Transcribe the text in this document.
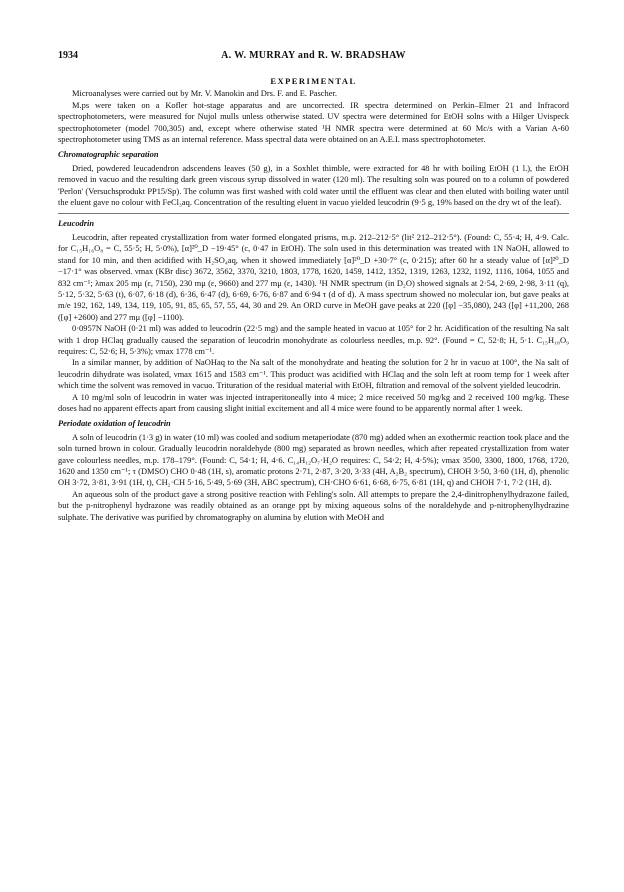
1934	A. W. MURRAY and R. W. BRADSHAW
EXPERIMENTAL

Microanalyses were carried out by Mr. V. Manokin and Drs. F. and E. Pascher.

M.ps were taken on a Kofler hot-stage apparatus and are uncorrected. IR spectra determined on Perkin–Elmer 21 and Infracord spectrophotometers, were measured for Nujol mulls unless otherwise stated. UV spectra were determined for EtOH solns with a Hilger Uvispeck spectrophotometer (model 700,305) and, except where otherwise stated ¹H NMR spectra were determined at 60 Mc/s with a Varian A-60 spectrophotometer using TMS as an internal reference. Mass spectral data were obtained on an A.E.I. mass spectrophotometer.

Chromatographic separation

Dried, powdered leucadendron adscendens leaves (50 g), in a Soxhlet thimble, were extracted for 48 hr with boiling EtOH (1 l.), the EtOH removed in vacuo and the resulting dark green viscous syrup dissolved in water (120 ml). The resulting soln was poured on to a column of powdered 'Perlon' (Versuchsprodukt PP15/Sp). The column was first washed with cold water until the effluent was clear and then eluted with boiling water until the eluent gave no colour with FeCl₃aq. Concentration of the resulting eluent in vacuo yielded leucodrin (9·5 g, 19% based on the dry wt of the leaf).

Leucodrin

Leucodrin, after repeated crystallization from water formed elongated prisms, m.p. 212–212·5° (lit² 212–212·5°). (Found: C, 55·4; H, 4·9. Calc. for C₁₅H₁₆O₈ = C, 55·5; H, 5·0%), [α]²⁰_D −19·45° (c, 0·47 in EtOH). The soln used in this determination was treated with 1N NaOH, allowed to stand for 10 min, and then acidified with H₂SO₄aq, when it showed immediately [α]²⁰_D +30·7° (c, 0·215); after 60 hr a steady value of [α]²⁰_D −17·1° was observed. νmax (KBr disc) 3672, 3562, 3370, 3210, 1803, 1778, 1620, 1459, 1412, 1352, 1319, 1263, 1232, 1192, 1116, 1064, 1055 and 832 cm⁻¹; λmax 205 mμ (ε, 7150), 230 mμ (ε, 9660) and 277 mμ (ε, 1430). ¹H NMR spectrum (in D₂O) showed signals at 2·54, 2·69, 2·98, 3·11 (q), 5·12, 5·32, 5·63 (t), 6·07, 6·18 (d), 6·36, 6·47 (d), 6·69, 6·76, 6·87 and 6·94 τ (d of d). A mass spectrum showed no molecular ion, but gave peaks at m/e 192, 162, 149, 134, 119, 105, 91, 85, 65, 57, 55, 44, 30 and 29. An ORD curve in MeOH gave peaks at 220 ([φ] −35,080), 243 ([φ] +11,200, 268 ([φ] +2600) and 277 mμ ([φ] −1100).

0·0957N NaOH (0·21 ml) was added to leucodrin (22·5 mg) and the sample heated in vacuo at 105° for 2 hr. Acidification of the resulting Na salt with 1 drop HClaq gradually caused the separation of leucodrin monohydrate as colourless needles, m.p. 92°. (Found = C, 52·8; H, 5·1. C₁₅H₁₈O₉ requires: C, 52·6; H, 5·3%); νmax 1778 cm⁻¹.

In a similar manner, by addition of NaOHaq to the Na salt of the monohydrate and heating the solution for 2 hr in vacuo at 100°, the Na salt of leucodrin dihydrate was isolated, νmax 1615 and 1583 cm⁻¹. This product was acidified with HClaq and the soln left at room temp for 1 week after which time the solvent was removed in vacuo. Trituration of the residual material with EtOH, filtration and removal of the solvent yielded leucodrin.

A 10 mg/ml soln of leucodrin in water was injected intraperitoneally into 4 mice; 2 mice received 50 mg/kg and 2 received 100 mg/kg. These doses had no apparent effects apart from causing slight initial excitement and all 4 mice were found to be apparently normal after 1 week.

Periodate oxidation of leucodrin

A soln of leucodrin (1·3 g) in water (10 ml) was cooled and sodium metaperiodate (870 mg) added when an exothermic reaction took place and the soln turned brown in colour. Gradually leucodrin noraldehyde (800 mg) separated as brown needles, which after repeated crystallization from water gave colourless needles, m.p. 178–179°. (Found: C, 54·1; H, 4·6. C₁₄H₁₂O₇·H₂O requires: C, 54·2; H, 4·5%); νmax 3500, 3300, 1800, 1768, 1720, 1620 and 1350 cm⁻¹; τ (DMSO) CHO 0·48 (1H, s), aromatic protons 2·71, 2·87, 3·20, 3·33 (4H, A₂B₂ spectrum), CHOH 3·50, 3·60 (1H, d), phenolic OH 3·72, 3·81, 3·91 (1H, t), CH₂·CH 5·16, 5·49, 5·69 (3H, ABC spectrum), CH·CHO 6·61, 6·68, 6·75, 6·81 (1H, q) and CHOH 7·1, 7·2 (1H, d).

An aqueous soln of the product gave a strong positive reaction with Fehling's soln. All attempts to prepare the 2,4-dinitrophenylhydrazone failed, but the p-nitrophenyl hydrazone was readily obtained as an orange ppt by mixing aqueous solns of the noraldehyde and p-nitrophenylhydrazine sulphate. The derivative was purified by chromatography on alumina by elution with MeOH and
